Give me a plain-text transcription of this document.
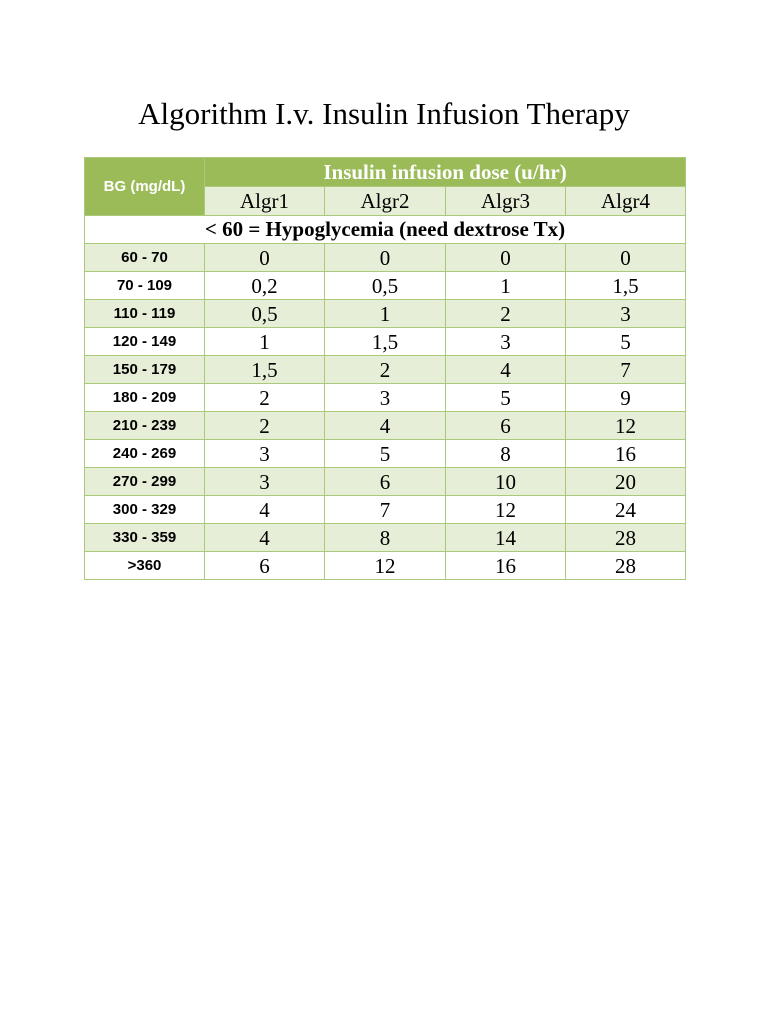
Algorithm I.v. Insulin Infusion Therapy
BG (mg/dL)	Insulin infusion dose (u/hr)			
	Algr1	Algr2	Algr3	Algr4
< 60 = Hypoglycemia (need dextrose Tx)				
60 - 70	0	0	0	0
70 - 109	0,2	0,5	1	1,5
110 - 119	0,5	1	2	3
120 - 149	1	1,5	3	5
150 - 179	1,5	2	4	7
180 - 209	2	3	5	9
210 - 239	2	4	6	12
240 - 269	3	5	8	16
270 - 299	3	6	10	20
300 - 329	4	7	12	24
330 - 359	4	8	14	28
>360	6	12	16	28
